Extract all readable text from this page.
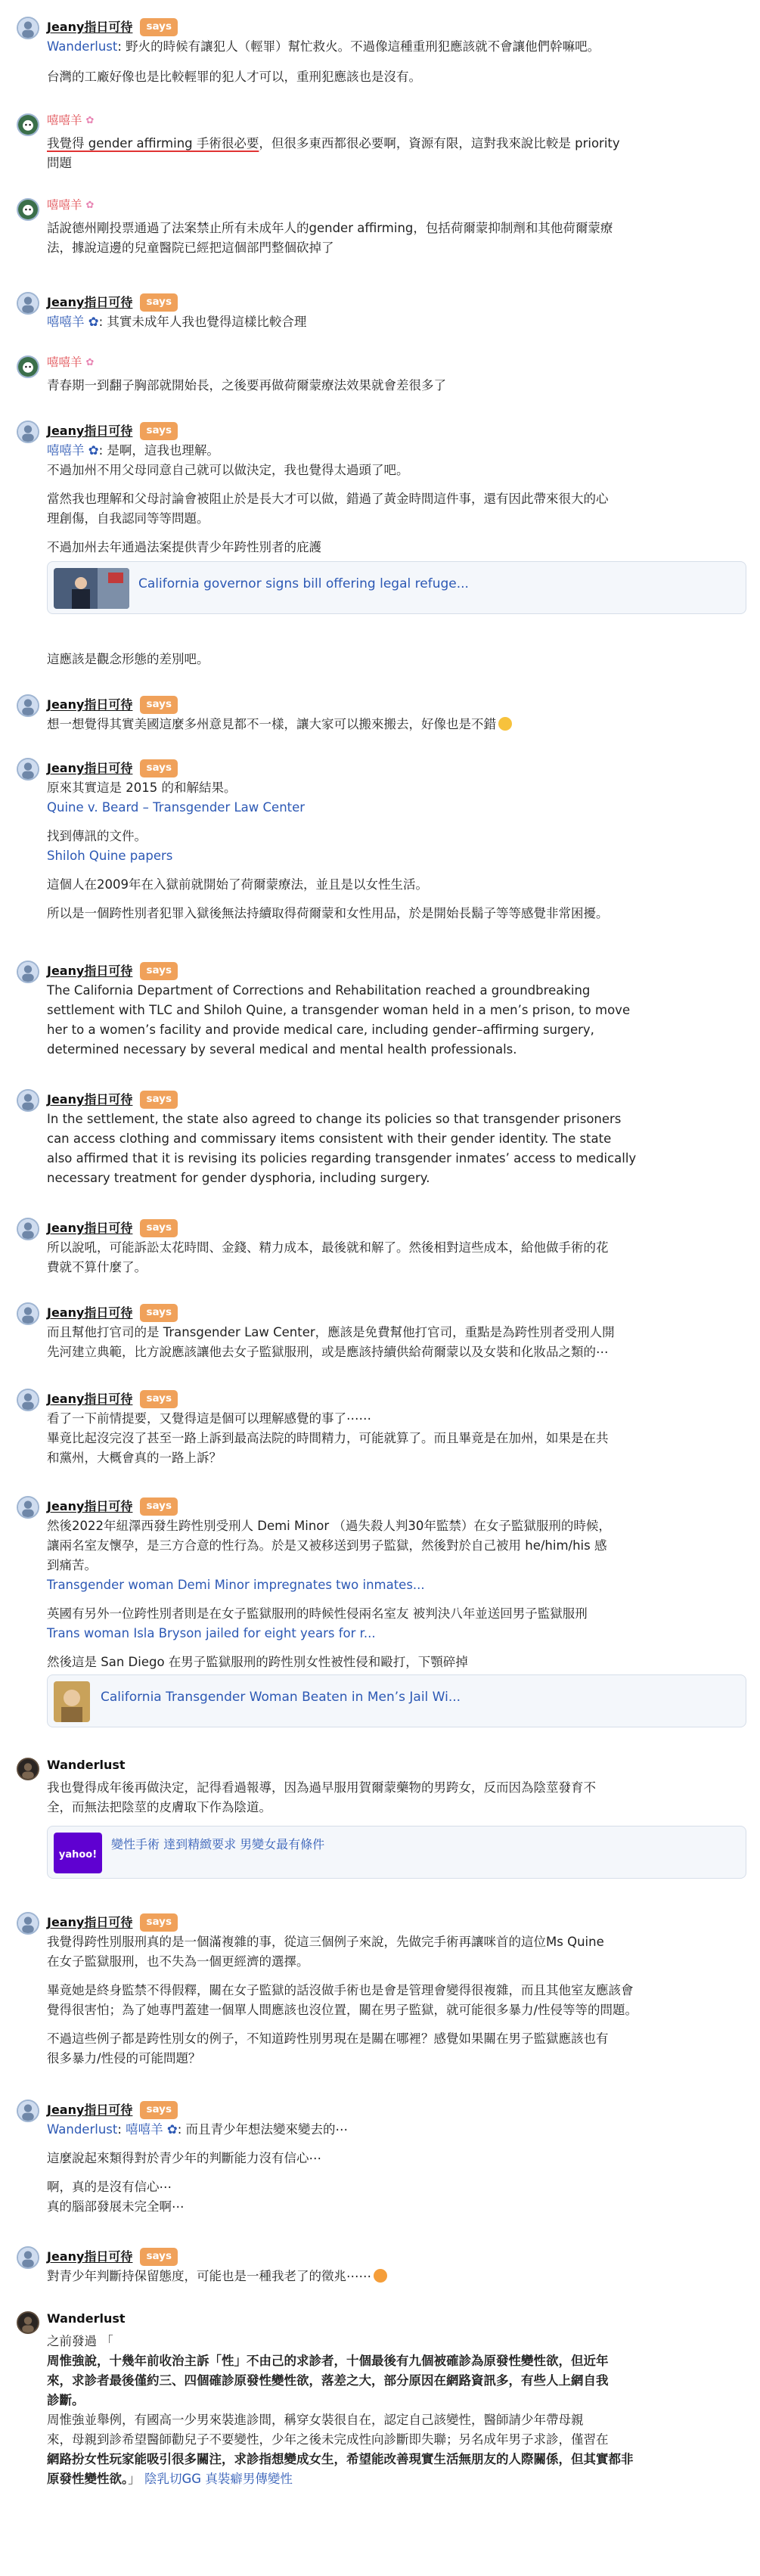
Jeany指日可待	says
Wanderlust: 野火的時候有讓犯人（輕罪）幫忙救火。不過像這種重刑犯應該就不會讓他們幹嘛吧。
台灣的工廠好像也是比較輕罪的犯人才可以，重刑犯應該也是沒有。
嘻嘻羊 ✿
我覺得 gender affirming 手術很必要，但很多東西都很必要啊，資源有限，這對我來說比較是 priority
問題
嘻嘻羊 ✿
話說德州剛投票通過了法案禁止所有未成年人的gender affirming，包括荷爾蒙抑制劑和其他荷爾蒙療
法，據說這邊的兒童醫院已經把這個部門整個砍掉了
Jeany指日可待	says
嘻嘻羊 ✿: 其實未成年人我也覺得這樣比較合理
嘻嘻羊 ✿
青春期一到翻子胸部就開始長，之後要再做荷爾蒙療法效果就會差很多了
Jeany指日可待	says
嘻嘻羊 ✿: 是啊，這我也理解。
不過加州不用父母同意自己就可以做決定，我也覺得太過頭了吧。
當然我也理解和父母討論會被阻止於是長大才可以做，錯過了黃金時間這件事，還有因此帶來很大的心
理創傷，自我認同等等問題。
不過加州去年通過法案提供青少年跨性別者的庇護
California governor signs bill offering legal refuge...
這應該是觀念形態的差別吧。
Jeany指日可待	says
想一想覺得其實美國這麼多州意見都不一樣，讓大家可以搬來搬去，好像也是不錯
Jeany指日可待	says
原來其實這是 2015 的和解結果。
Quine v. Beard – Transgender Law Center
找到傳訊的文件。
Shiloh Quine papers
這個人在2009年在入獄前就開始了荷爾蒙療法，並且是以女性生活。
所以是一個跨性別者犯罪入獄後無法持續取得荷爾蒙和女性用品，於是開始長鬍子等等感覺非常困擾。
Jeany指日可待	says
The California Department of Corrections and Rehabilitation reached a groundbreaking
settlement with TLC and Shiloh Quine, a transgender woman held in a men’s prison, to move
her to a women’s facility and provide medical care, including gender–affirming surgery,
determined necessary by several medical and mental health professionals.
Jeany指日可待	says
In the settlement, the state also agreed to change its policies so that transgender prisoners
can access clothing and commissary items consistent with their gender identity. The state
also affirmed that it is revising its policies regarding transgender inmates’ access to medically
necessary treatment for gender dysphoria, including surgery.
Jeany指日可待	says
所以說吼，可能訴訟太花時間、金錢、精力成本，最後就和解了。然後相對這些成本，給他做手術的花
費就不算什麼了。
Jeany指日可待	says
而且幫他打官司的是 Transgender Law Center，應該是免費幫他打官司，重點是為跨性別者受刑人開
先河建立典範，比方說應該讓他去女子監獄服刑，或是應該持續供給荷爾蒙以及女裝和化妝品之類的⋯
Jeany指日可待	says
看了一下前情提要，又覺得這是個可以理解感覺的事了⋯⋯
畢竟比起沒完沒了甚至一路上訴到最高法院的時間精力，可能就算了。而且畢竟是在加州，如果是在共
和黨州，大概會真的一路上訴？
Jeany指日可待	says
然後2022年紐澤西發生跨性別受刑人 Demi Minor （過失殺人判30年監禁）在女子監獄服刑的時候，
讓兩名室友懷孕，是三方合意的性行為。於是又被移送到男子監獄，然後對於自己被用 he/him/his 感
到痛苦。
Transgender woman Demi Minor impregnates two inmates...
英國有另外一位跨性別者則是在女子監獄服刑的時候性侵兩名室友 被判決八年並送回男子監獄服刑
Trans woman Isla Bryson jailed for eight years for r...
然後這是 San Diego 在男子監獄服刑的跨性別女性被性侵和毆打，下顎碎掉
California Transgender Woman Beaten in Men’s Jail Wi...
Wanderlust
我也覺得成年後再做決定，記得看過報導，因為過早服用賀爾蒙藥物的男跨女，反而因為陰莖發育不
全，而無法把陰莖的皮膚取下作為陰道。
yahoo!
變性手術 達到精緻要求 男變女最有條件
Jeany指日可待	says
我覺得跨性別服刑真的是一個滿複雜的事，從這三個例子來說，先做完手術再讓咪首的這位Ms Quine
在女子監獄服刑，也不失為一個更經濟的選擇。
畢竟她是終身監禁不得假釋，關在女子監獄的話沒做手術也是會是管理會變得很複雜，而且其他室友應該會
覺得很害怕；為了她專門蓋建一個單人間應該也沒位置，關在男子監獄，就可能很多暴力/性侵等等的問題。
不過這些例子都是跨性別女的例子，不知道跨性別男現在是關在哪裡？感覺如果關在男子監獄應該也有
很多暴力/性侵的可能問題？
Jeany指日可待	says
Wanderlust: 嘻嘻羊 ✿: 而且青少年想法變來變去的⋯
這麼說起來類得對於青少年的判斷能力沒有信心⋯
啊，真的是沒有信心⋯
真的腦部發展未完全啊⋯
Jeany指日可待	says
對青少年判斷持保留態度，可能也是一種我老了的徵兆⋯⋯
Wanderlust
之前發過 「
周惟強說，十幾年前收治主訴「性」不由己的求診者，十個最後有九個被確診為原發性變性欲，但近年
來，求診者最後僅約三、四個確診原發性變性欲，落差之大，部分原因在網路資訊多，有些人上網自我
診斷。
周惟強並舉例，有國高一少男來裝進診間，稱穿女裝很自在，認定自己該變性，醫師請少年帶母親
來，母親到診希望醫師勸兒子不要變性，少年之後未完成性向診斷即失聯；另名成年男子求診，僅習在
網路扮女性玩家能吸引很多關注，求診指想變成女生，希望能改善現實生活無朋友的人際關係，但其實都非
原發性變性欲。」 陰乳切GG 真裝癖男傳變性
